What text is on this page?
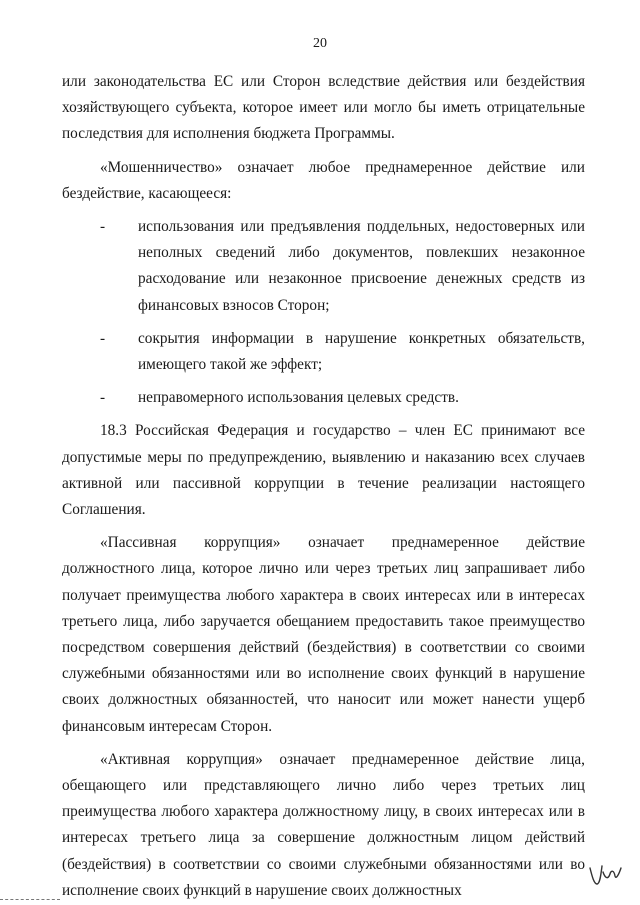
20

или законодательства ЕС или Сторон вследствие действия или бездействия хозяйствующего субъекта, которое имеет или могло бы иметь отрицательные последствия для исполнения бюджета Программы.

«Мошенничество» означает любое преднамеренное действие или бездействие, касающееся:

-	использования или предъявления поддельных, недостоверных или неполных сведений либо документов, повлекших незаконное расходование или незаконное присвоение денежных средств из финансовых взносов Сторон;
-	сокрытия информации в нарушение конкретных обязательств, имеющего такой же эффект;
-	неправомерного использования целевых средств.

18.3 Российская Федерация и государство – член ЕС принимают все допустимые меры по предупреждению, выявлению и наказанию всех случаев активной или пассивной коррупции в течение реализации настоящего Соглашения.

«Пассивная коррупция» означает преднамеренное действие должностного лица, которое лично или через третьих лиц запрашивает либо получает преимущества любого характера в своих интересах или в интересах третьего лица, либо заручается обещанием предоставить такое преимущество посредством совершения действий (бездействия) в соответствии со своими служебными обязанностями или во исполнение своих функций в нарушение своих должностных обязанностей, что наносит или может нанести ущерб финансовым интересам Сторон.

«Активная коррупция» означает преднамеренное действие лица, обещающего или представляющего лично либо через третьих лиц преимущества любого характера должностному лицу, в своих интересах или в интересах третьего лица за совершение должностным лицом действий (бездействия) в соответствии со своими служебными обязанностями или во исполнение своих функций в нарушение своих должностных
